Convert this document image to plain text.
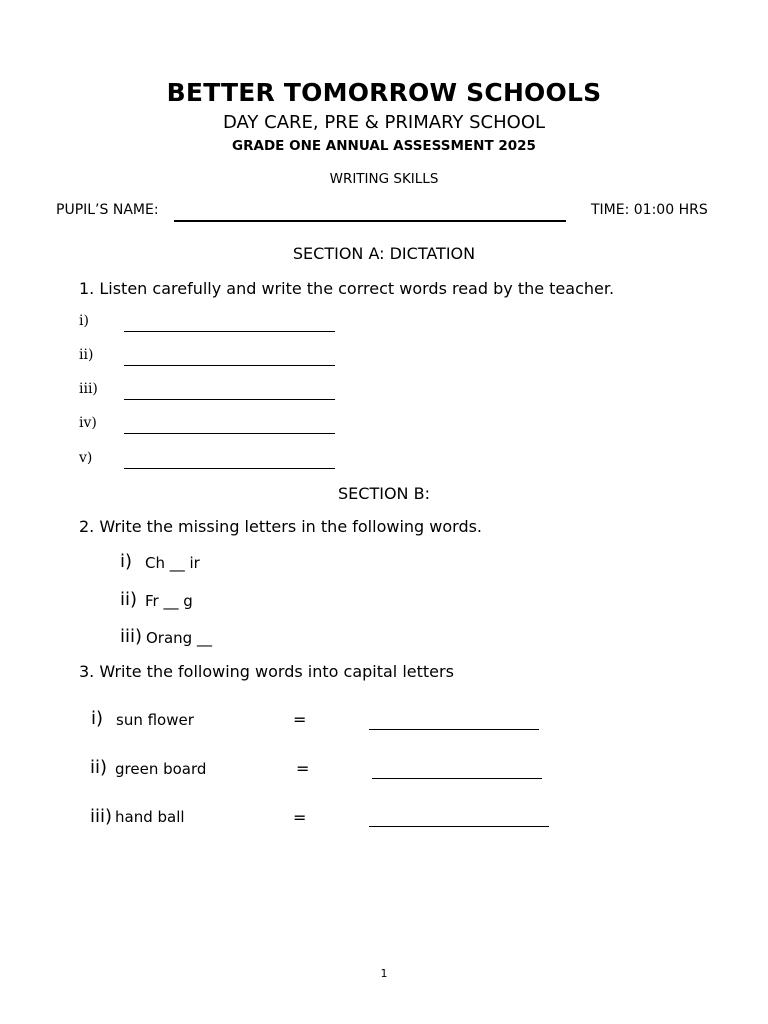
BETTER TOMORROW SCHOOLS
DAY CARE, PRE & PRIMARY SCHOOL
GRADE ONE ANNUAL ASSESSMENT 2025
WRITING SKILLS
PUPIL’S NAME:	TIME: 01:00 HRS
SECTION A: DICTATION
1. Listen carefully and write the correct words read by the teacher.
i)
ii)
iii)
iv)
v)
SECTION B:
2. Write the missing letters in the following words.
i) Ch __ ir
ii) Fr __ g
iii) Orang __
3. Write the following words into capital letters
i) sun flower	=
ii) green board	=
iii) hand ball	=
1
